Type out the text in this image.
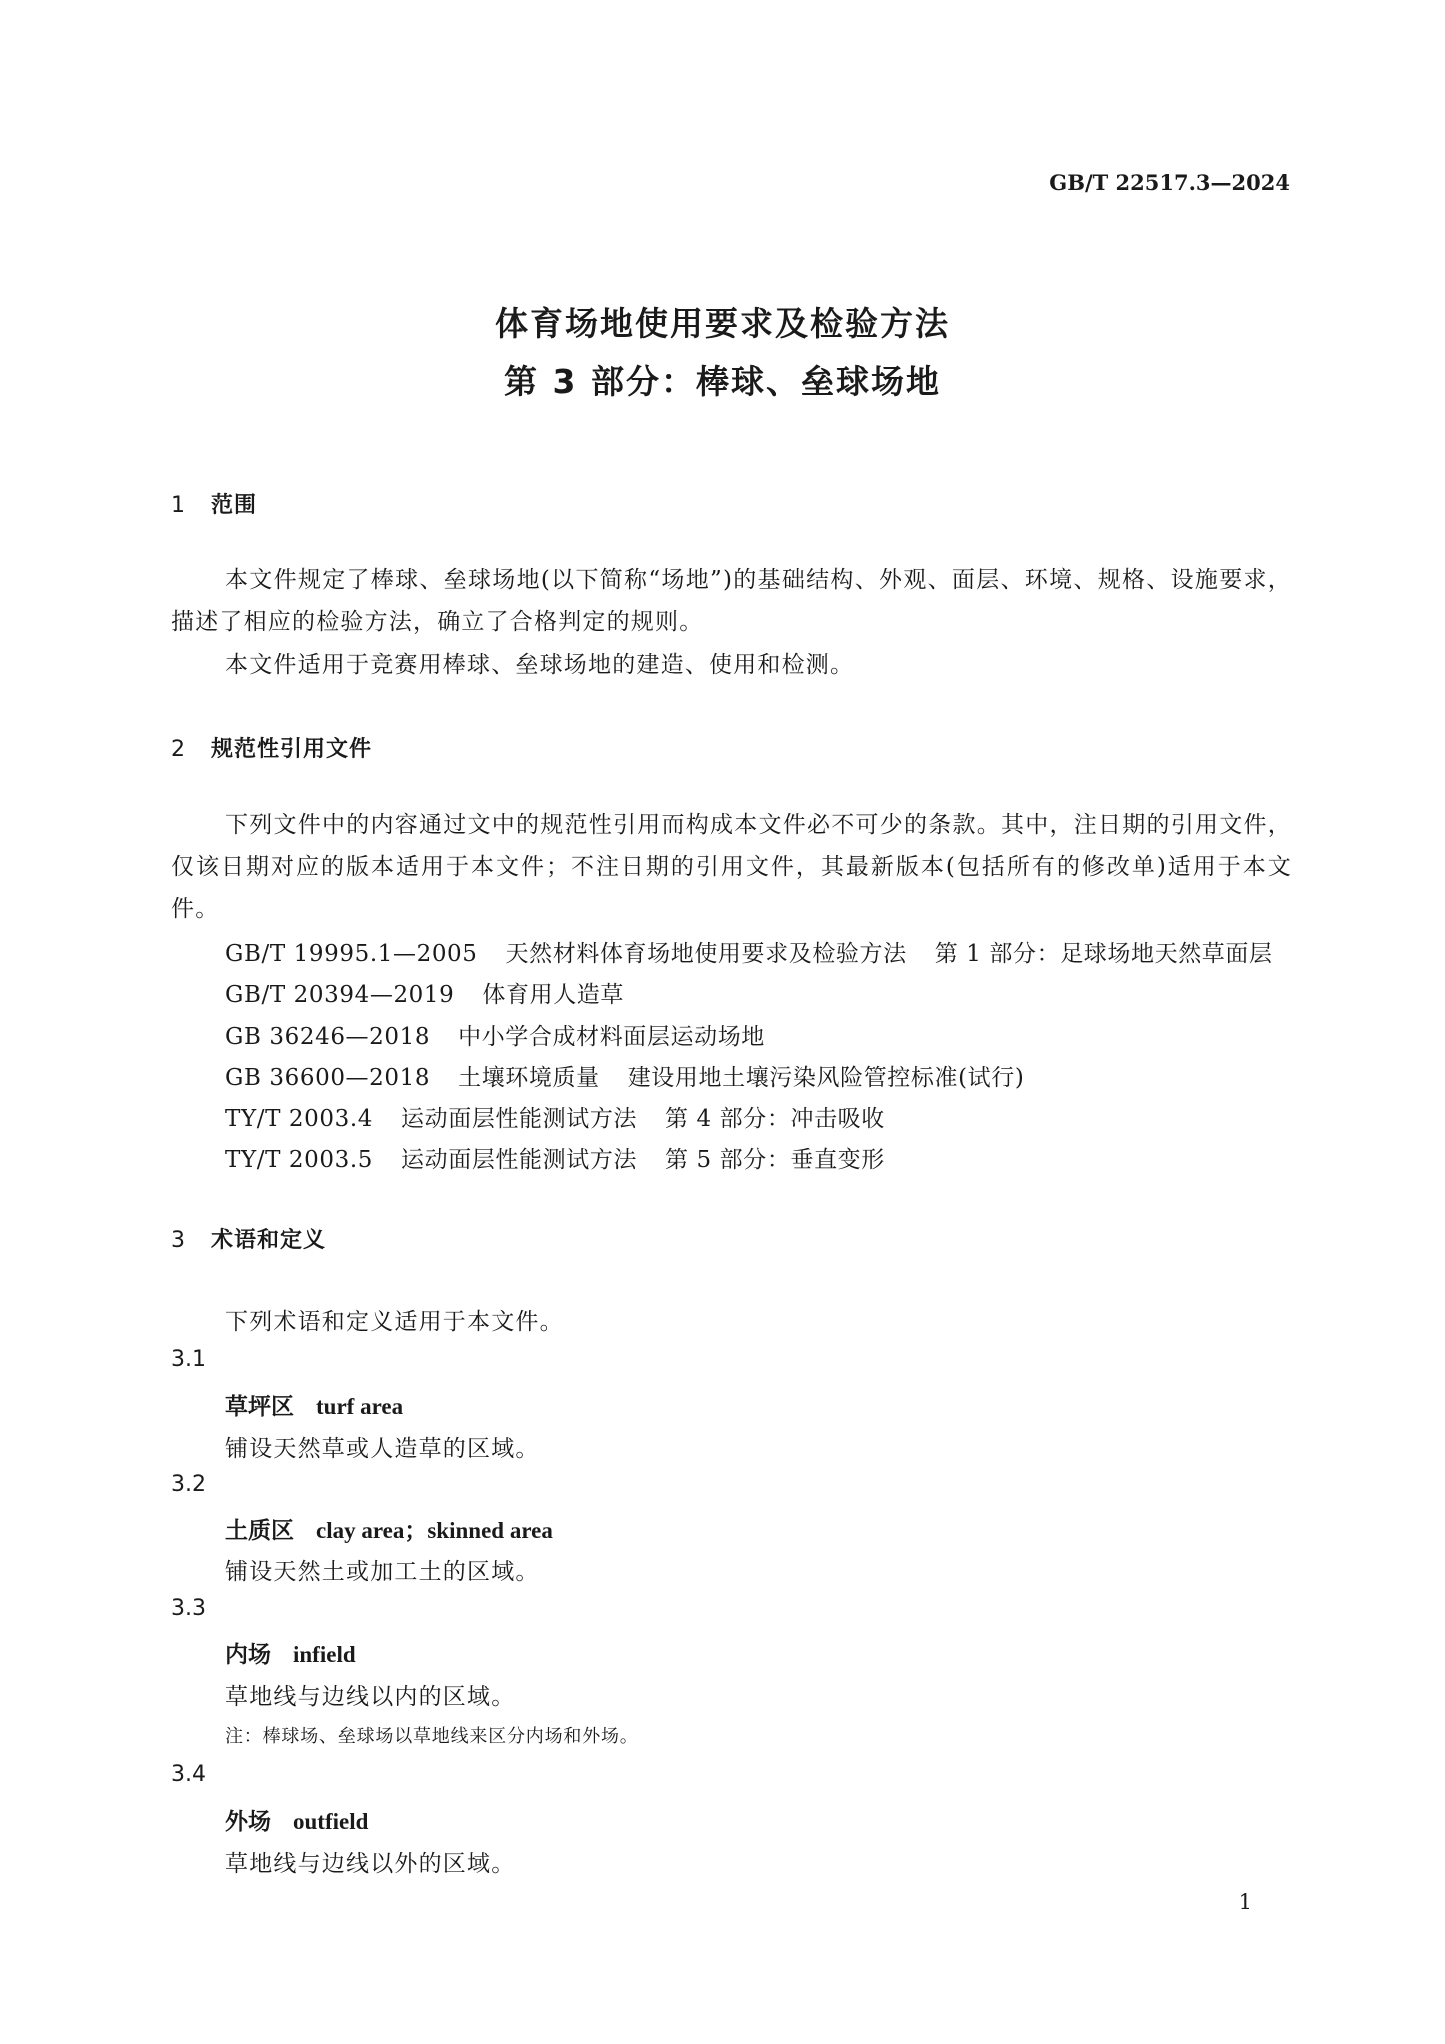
GB/T 22517.3—2024
体育场地使用要求及检验方法
第 3 部分：棒球、垒球场地
1 范围
本文件规定了棒球、垒球场地(以下简称“场地”)的基础结构、外观、面层、环境、规格、设施要求，描述了相应的检验方法，确立了合格判定的规则。
本文件适用于竞赛用棒球、垒球场地的建造、使用和检测。
2 规范性引用文件
下列文件中的内容通过文中的规范性引用而构成本文件必不可少的条款。其中，注日期的引用文件，仅该日期对应的版本适用于本文件；不注日期的引用文件，其最新版本(包括所有的修改单)适用于本文件。
GB/T 19995.1—2005 天然材料体育场地使用要求及检验方法 第 1 部分：足球场地天然草面层
GB/T 20394—2019 体育用人造草
GB 36246—2018 中小学合成材料面层运动场地
GB 36600—2018 土壤环境质量 建设用地土壤污染风险管控标准(试行)
TY/T 2003.4 运动面层性能测试方法 第 4 部分：冲击吸收
TY/T 2003.5 运动面层性能测试方法 第 5 部分：垂直变形
3 术语和定义
下列术语和定义适用于本文件。
3.1
草坪区 turf area
铺设天然草或人造草的区域。
3.2
土质区 clay area；skinned area
铺设天然土或加工土的区域。
3.3
内场 infield
草地线与边线以内的区域。
注：棒球场、垒球场以草地线来区分内场和外场。
3.4
外场 outfield
草地线与边线以外的区域。
1
